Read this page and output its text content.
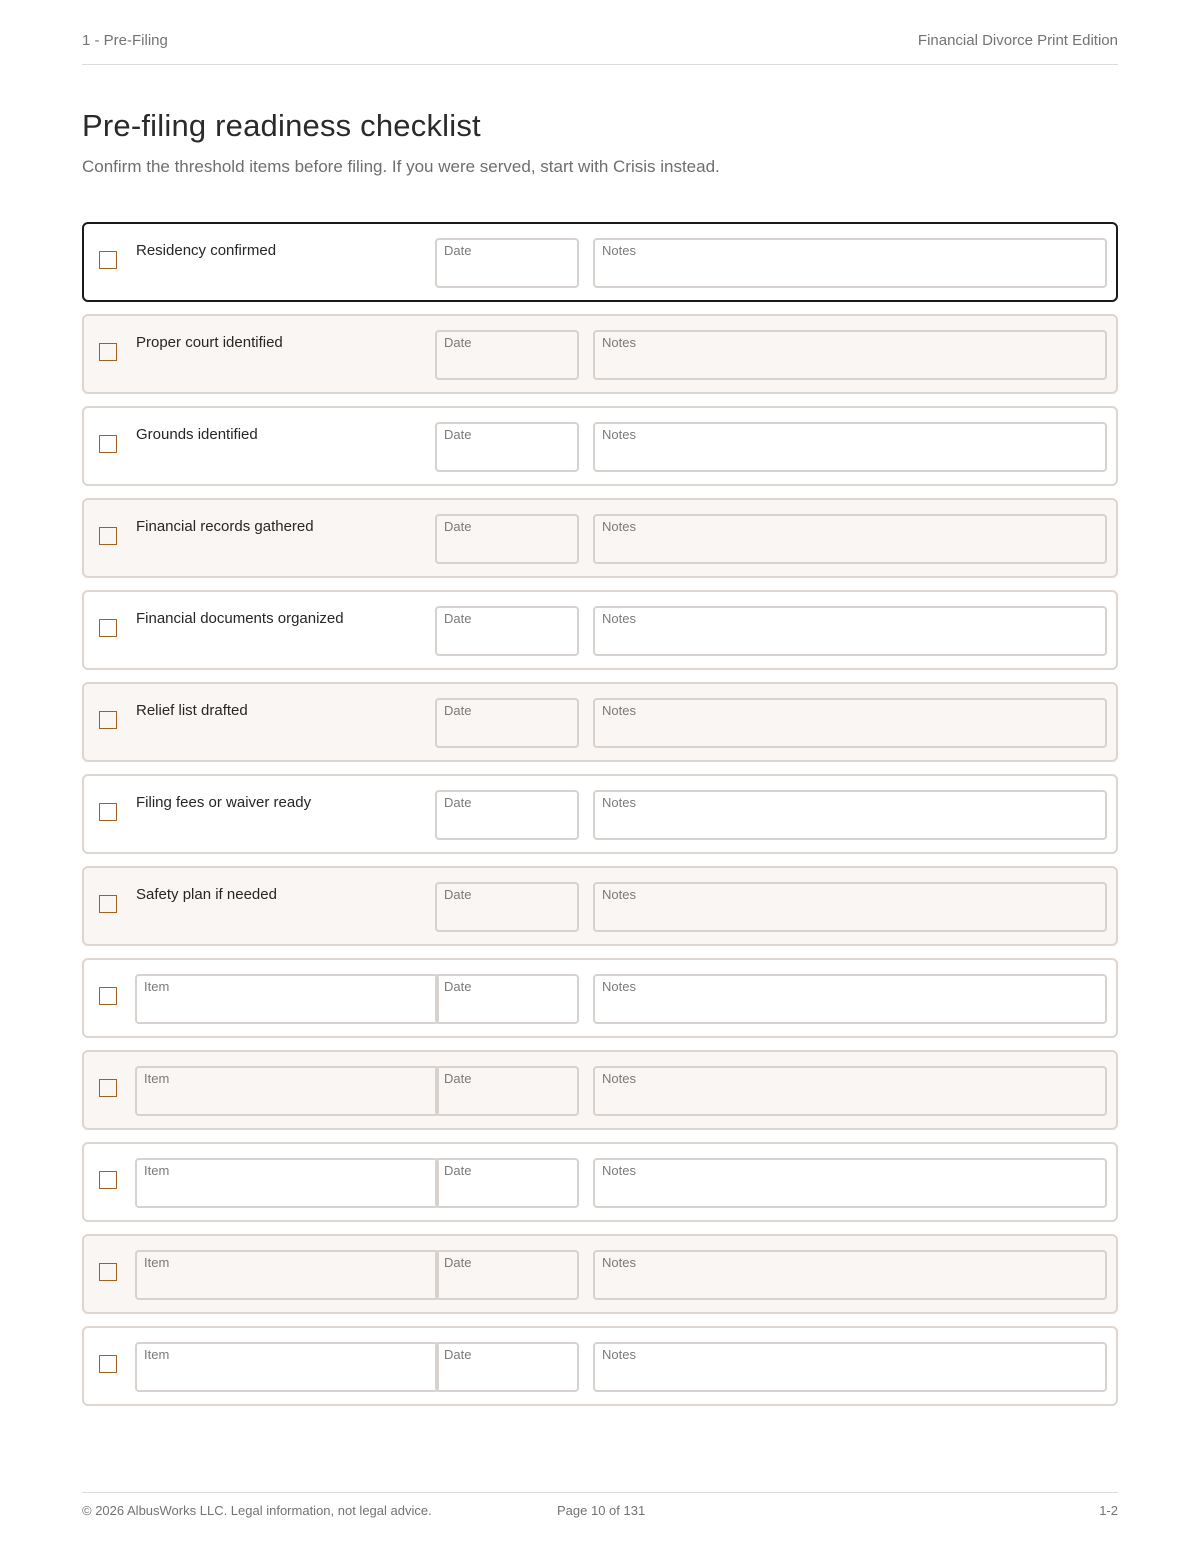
1 - Pre-Filing	Financial Divorce Print Edition
Pre-filing readiness checklist

Confirm the threshold items before filing. If you were served, start with Crisis instead.

Residency confirmed	Date	Notes
Proper court identified	Date	Notes
Grounds identified	Date	Notes
Financial records gathered	Date	Notes
Financial documents organized	Date	Notes
Relief list drafted	Date	Notes
Filing fees or waiver ready	Date	Notes
Safety plan if needed	Date	Notes
Item	Date	Notes
Item	Date	Notes
Item	Date	Notes
Item	Date	Notes
Item	Date	Notes
© 2026 AlbusWorks LLC. Legal information, not legal advice.	Page 10 of 131	1-2
